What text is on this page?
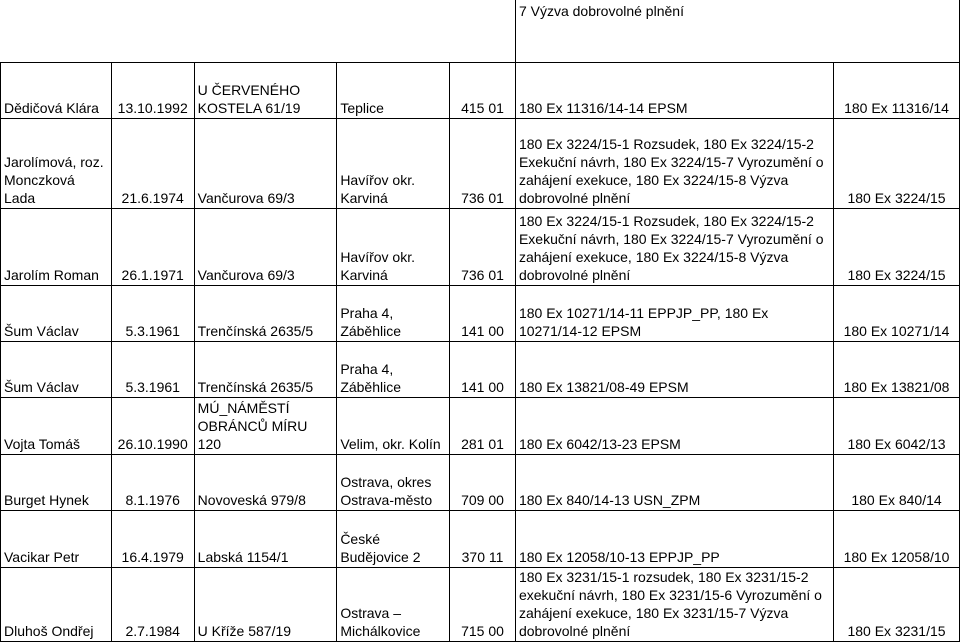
					7 Výzva dobrovolné plnění	
Dědičová Klára	13.10.1992	U ČERVENÉHO KOSTELA 61/19	Teplice	415 01	180 Ex 11316/14-14 EPSM	180 Ex 11316/14
Jarolímová, roz. Monczková Lada	21.6.1974	Vančurova 69/3	Havířov okr. Karviná	736 01	180 Ex 3224/15-1 Rozsudek, 180 Ex 3224/15-2 Exekuční návrh, 180 Ex 3224/15-7 Vyrozumění o zahájení exekuce, 180 Ex 3224/15-8 Výzva dobrovolné plnění	180 Ex 3224/15
Jarolím Roman	26.1.1971	Vančurova 69/3	Havířov okr. Karviná	736 01	180 Ex 3224/15-1 Rozsudek, 180 Ex 3224/15-2 Exekuční návrh, 180 Ex 3224/15-7 Vyrozumění o zahájení exekuce, 180 Ex 3224/15-8 Výzva dobrovolné plnění	180 Ex 3224/15
Šum Václav	5.3.1961	Trenčínská 2635/5	Praha 4, Záběhlice	141 00	180 Ex 10271/14-11 EPPJP_PP, 180 Ex 10271/14-12 EPSM	180 Ex 10271/14
Šum Václav	5.3.1961	Trenčínská 2635/5	Praha 4, Záběhlice	141 00	180 Ex 13821/08-49 EPSM	180 Ex 13821/08
Vojta Tomáš	26.10.1990	MÚ_NÁMĚSTÍ OBRÁNCŮ MÍRU 120	Velim, okr. Kolín	281 01	180 Ex 6042/13-23 EPSM	180 Ex 6042/13
Burget Hynek	8.1.1976	Novoveská 979/8	Ostrava, okres Ostrava-město	709 00	180 Ex 840/14-13 USN_ZPM	180 Ex 840/14
Vacikar Petr	16.4.1979	Labská 1154/1	České Budějovice 2	370 11	180 Ex 12058/10-13 EPPJP_PP	180 Ex 12058/10
Dluhoš Ondřej	2.7.1984	U Kříže 587/19	Ostrava – Michálkovice	715 00	180 Ex 3231/15-1 rozsudek, 180 Ex 3231/15-2 exekuční návrh, 180 Ex 3231/15-6 Vyrozumění o zahájení exekuce, 180 Ex 3231/15-7 Výzva dobrovolné plnění	180 Ex 3231/15
